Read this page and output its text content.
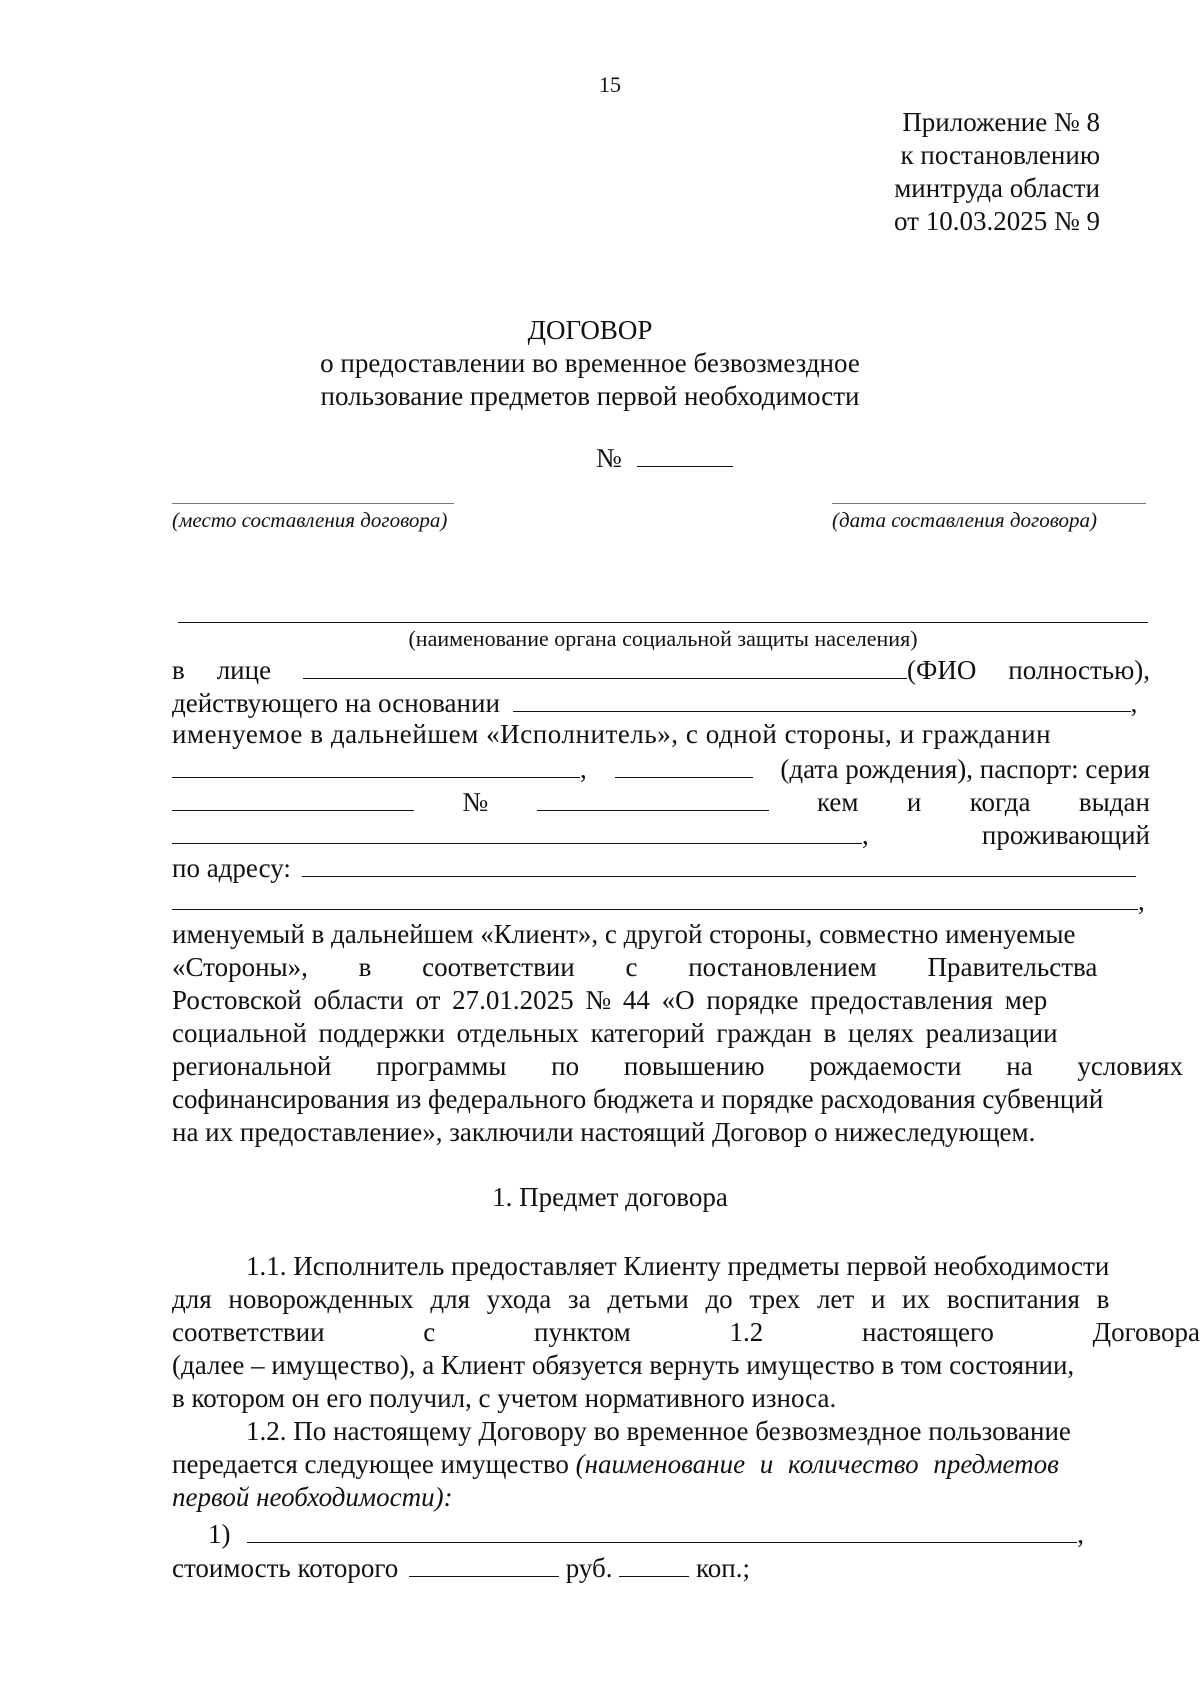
15
Приложение № 8
к постановлению
минтруда области
от 10.03.2025 № 9
ДОГОВОР
о предоставлении во временное безвозмездное
пользование предметов первой необходимости
№
(место составления договора)	(дата составления договора)
(наименование органа социальной защиты населения)
в лице	(ФИО полностью),
действующего на основании	,
именуемое в дальнейшем «Исполнитель», с одной стороны, и гражданин
,	(дата рождения), паспорт: серия
№	кем и когда выдан
,	проживающий
по адресу:
,
именуемый в дальнейшем «Клиент», с другой стороны, совместно именуемые
«Стороны», в соответствии с постановлением Правительства
Ростовской области от 27.01.2025 № 44 «О порядке предоставления мер
социальной поддержки отдельных категорий граждан в целях реализации
региональной программы по повышению рождаемости на условиях
софинансирования из федерального бюджета и порядке расходования субвенций
на их предоставление», заключили настоящий Договор о нижеследующем.
1. Предмет договора
1.1. Исполнитель предоставляет Клиенту предметы первой необходимости
для новорожденных для ухода за детьми до трех лет и их воспитания в
соответствии с пунктом 1.2 настоящего Договора
(далее – имущество), а Клиент обязуется вернуть имущество в том состоянии,
в котором он его получил, с учетом нормативного износа.
1.2. По настоящему Договору во временное безвозмездное пользование
передается следующее имущество (наименование и количество предметов
первой необходимости):
1)	,
стоимость которого	руб.	коп.;
